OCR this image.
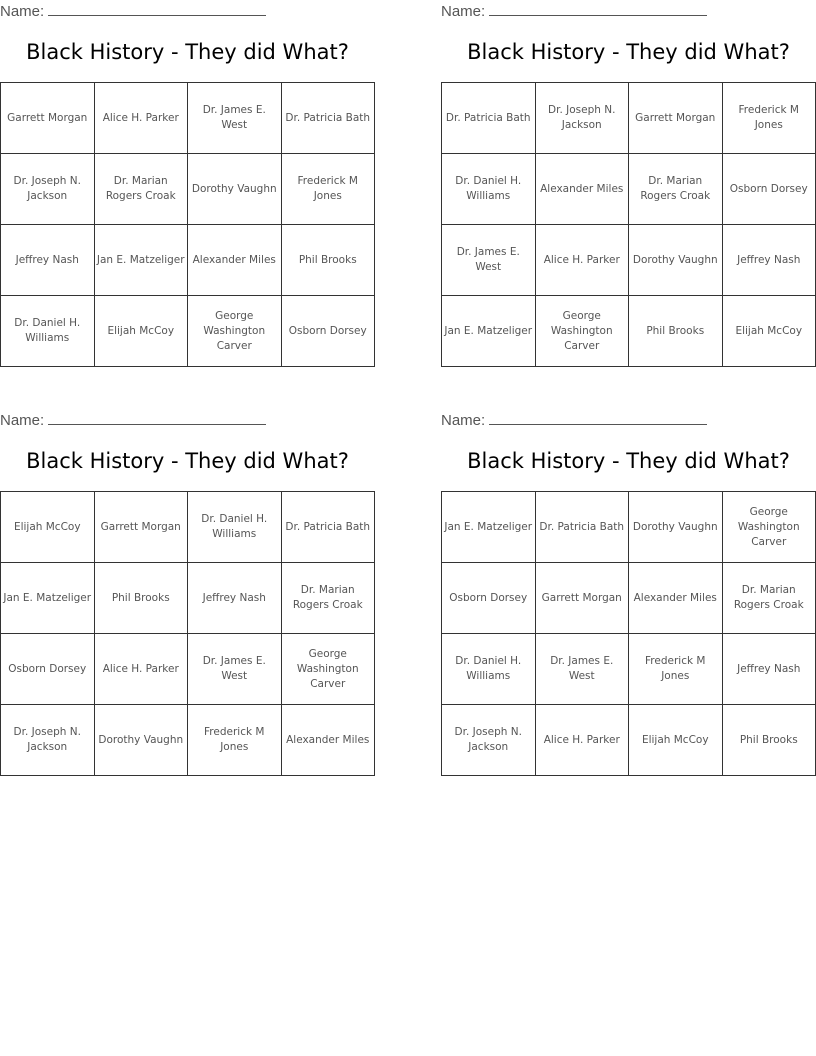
Name:
Black History - They did What?
Garrett Morgan	Alice H. Parker	Dr. James E. West	Dr. Patricia Bath
Dr. Joseph N. Jackson	Dr. Marian Rogers Croak	Dorothy Vaughn	Frederick M Jones
Jeffrey Nash	Jan E. Matzeliger	Alexander Miles	Phil Brooks
Dr. Daniel H. Williams	Elijah McCoy	George Washington Carver	Osborn Dorsey
Name:
Black History - They did What?
Dr. Patricia Bath	Dr. Joseph N. Jackson	Garrett Morgan	Frederick M Jones
Dr. Daniel H. Williams	Alexander Miles	Dr. Marian Rogers Croak	Osborn Dorsey
Dr. James E. West	Alice H. Parker	Dorothy Vaughn	Jeffrey Nash
Jan E. Matzeliger	George Washington Carver	Phil Brooks	Elijah McCoy
Name:
Black History - They did What?
Elijah McCoy	Garrett Morgan	Dr. Daniel H. Williams	Dr. Patricia Bath
Jan E. Matzeliger	Phil Brooks	Jeffrey Nash	Dr. Marian Rogers Croak
Osborn Dorsey	Alice H. Parker	Dr. James E. West	George Washington Carver
Dr. Joseph N. Jackson	Dorothy Vaughn	Frederick M Jones	Alexander Miles
Name:
Black History - They did What?
Jan E. Matzeliger	Dr. Patricia Bath	Dorothy Vaughn	George Washington Carver
Osborn Dorsey	Garrett Morgan	Alexander Miles	Dr. Marian Rogers Croak
Dr. Daniel H. Williams	Dr. James E. West	Frederick M Jones	Jeffrey Nash
Dr. Joseph N. Jackson	Alice H. Parker	Elijah McCoy	Phil Brooks
